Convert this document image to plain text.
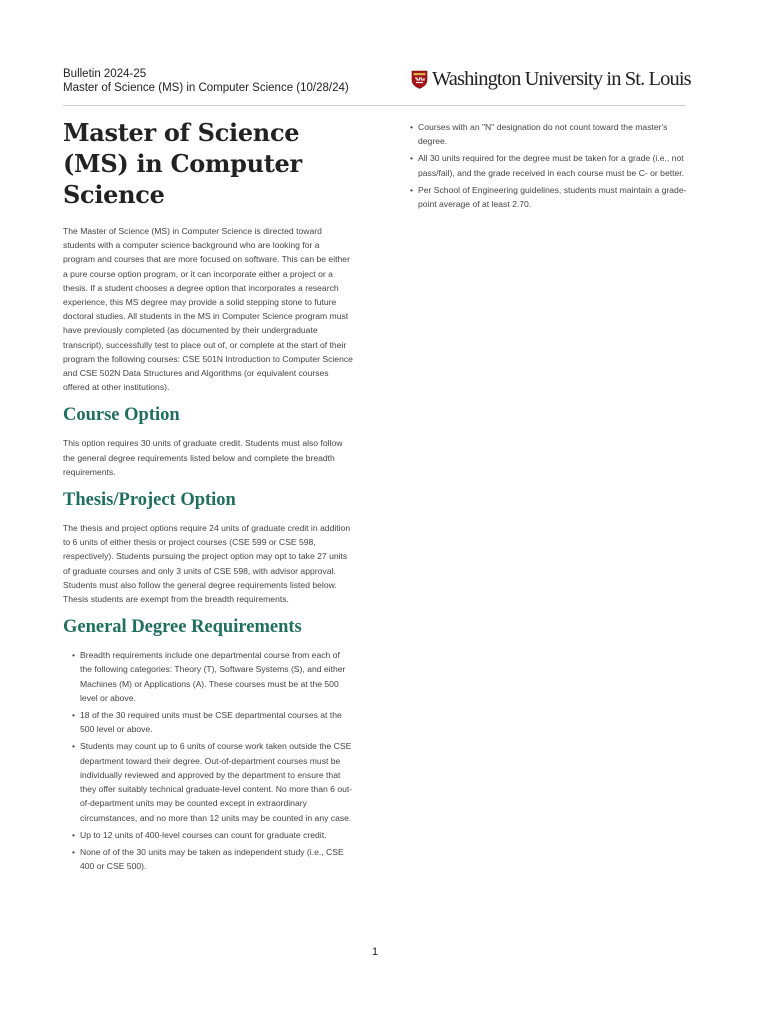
Bulletin 2024-25
Master of Science (MS) in Computer Science (10/28/24)	Washington University in St. Louis
Master of Science (MS) in Computer Science

The Master of Science (MS) in Computer Science is directed toward students with a computer science background who are looking for a program and courses that are more focused on software. This can be either a pure course option program, or it can incorporate either a project or a thesis. If a student chooses a degree option that incorporates a research experience, this MS degree may provide a solid stepping stone to future doctoral studies. All students in the MS in Computer Science program must have previously completed (as documented by their undergraduate transcript), successfully test to place out of, or complete at the start of their program the following courses: CSE 501N Introduction to Computer Science and CSE 502N Data Structures and Algorithms (or equivalent courses offered at other institutions).

Course Option

This option requires 30 units of graduate credit. Students must also follow the general degree requirements listed below and complete the breadth requirements.

Thesis/Project Option

The thesis and project options require 24 units of graduate credit in addition to 6 units of either thesis or project courses (CSE 599 or CSE 598, respectively). Students pursuing the project option may opt to take 27 units of graduate courses and only 3 units of CSE 598, with advisor approval. Students must also follow the general degree requirements listed below. Thesis students are exempt from the breadth requirements.

General Degree Requirements
• Breadth requirements include one departmental course from each of the following categories: Theory (T), Software Systems (S), and either Machines (M) or Applications (A). These courses must be at the 500 level or above.
• 18 of the 30 required units must be CSE departmental courses at the 500 level or above.
• Students may count up to 6 units of course work taken outside the CSE department toward their degree. Out-of-department courses must be individually reviewed and approved by the department to ensure that they offer suitably technical graduate-level content. No more than 6 out-of-department units may be counted except in extraordinary circumstances, and no more than 12 units may be counted in any case.
• Up to 12 units of 400-level courses can count for graduate credit.
• None of of the 30 units may be taken as independent study (i.e., CSE 400 or CSE 500).
• Courses with an "N" designation do not count toward the master's degree.
• All 30 units required for the degree must be taken for a grade (i.e., not pass/fail), and the grade received in each course must be C- or better.
• Per School of Engineering guidelines, students must maintain a grade-point average of at least 2.70.
1
